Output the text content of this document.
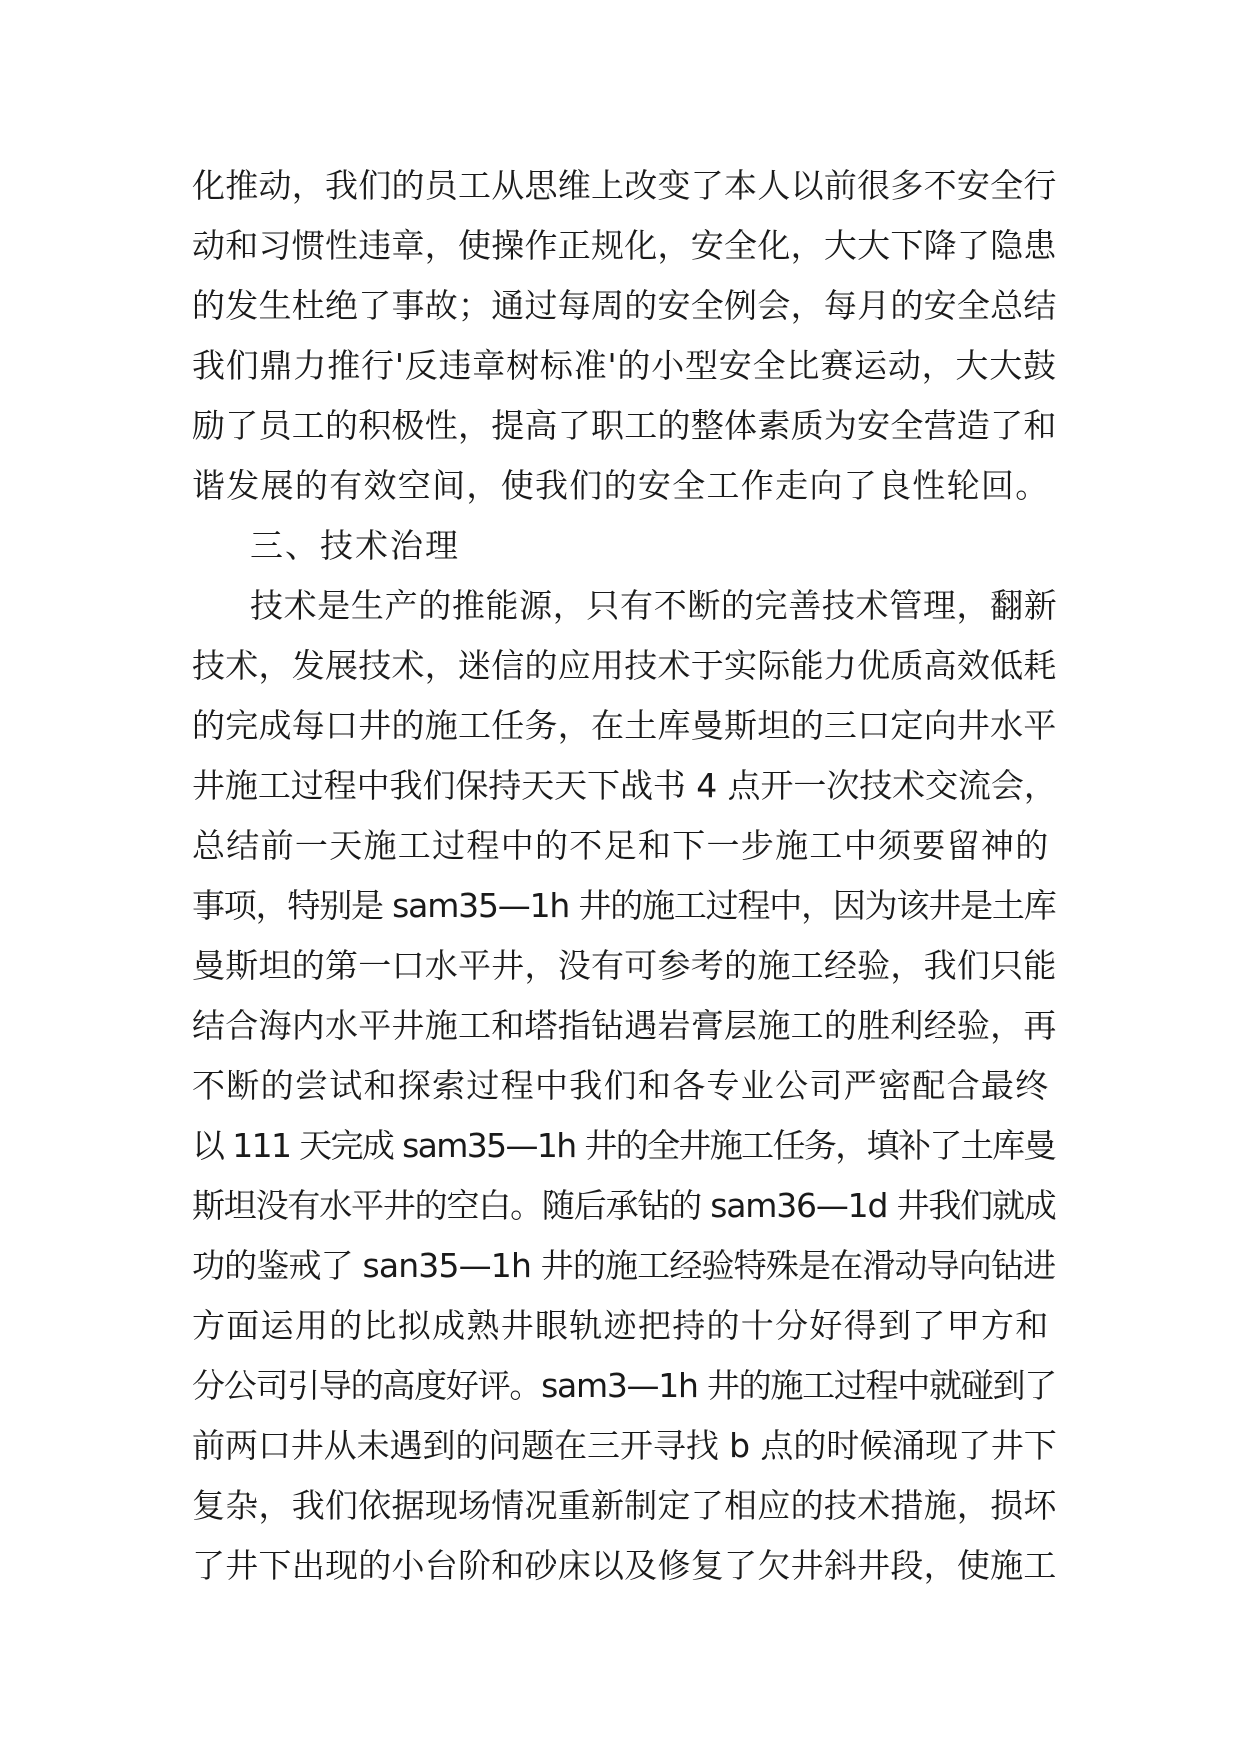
化推动，我们的员工从思维上改变了本人以前很多不安全行
动和习惯性违章，使操作正规化，安全化，大大下降了隐患
的发生杜绝了事故；通过每周的安全例会，每月的安全总结
我们鼎力推行'反违章树标准'的小型安全比赛运动，大大鼓
励了员工的积极性，提高了职工的整体素质为安全营造了和
谐发展的有效空间，使我们的安全工作走向了良性轮回。
三、技术治理
技术是生产的推能源，只有不断的完善技术管理，翻新
技术，发展技术，迷信的应用技术于实际能力优质高效低耗
的完成每口井的施工任务，在土库曼斯坦的三口定向井水平
井施工过程中我们保持天天下战书 4 点开一次技术交流会，
总结前一天施工过程中的不足和下一步施工中须要留神的
事项，特别是 sam35—1h 井的施工过程中，因为该井是土库
曼斯坦的第一口水平井，没有可参考的施工经验，我们只能
结合海内水平井施工和塔指钻遇岩膏层施工的胜利经验，再
不断的尝试和探索过程中我们和各专业公司严密配合最终
以 111 天完成 sam35—1h 井的全井施工任务，填补了土库曼
斯坦没有水平井的空白。随后承钻的 sam36—1d 井我们就成
功的鉴戒了 san35—1h 井的施工经验特殊是在滑动导向钻进
方面运用的比拟成熟井眼轨迹把持的十分好得到了甲方和
分公司引导的高度好评。sam3—1h 井的施工过程中就碰到了
前两口井从未遇到的问题在三开寻找 b 点的时候涌现了井下
复杂，我们依据现场情况重新制定了相应的技术措施，损坏
了井下出现的小台阶和砂床以及修复了欠井斜井段，使施工
